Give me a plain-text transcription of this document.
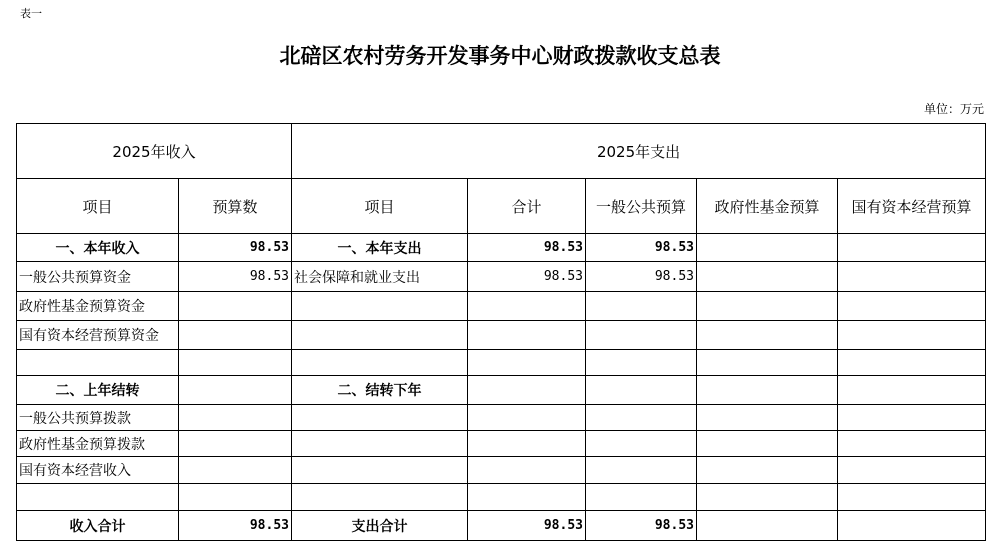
表一
北碚区农村劳务开发事务中心财政拨款收支总表
单位：万元
2025年收入		2025年支出				
项目	预算数	项目	合计	一般公共预算	政府性基金预算	国有资本经营预算
一、本年收入	98.53	一、本年支出	98.53	98.53		
一般公共预算资金	98.53	社会保障和就业支出	98.53	98.53		
政府性基金预算资金						
国有资本经营预算资金						

二、上年结转		二、结转下年				
一般公共预算拨款						
政府性基金预算拨款						
国有资本经营收入						

收入合计	98.53	支出合计	98.53	98.53		
